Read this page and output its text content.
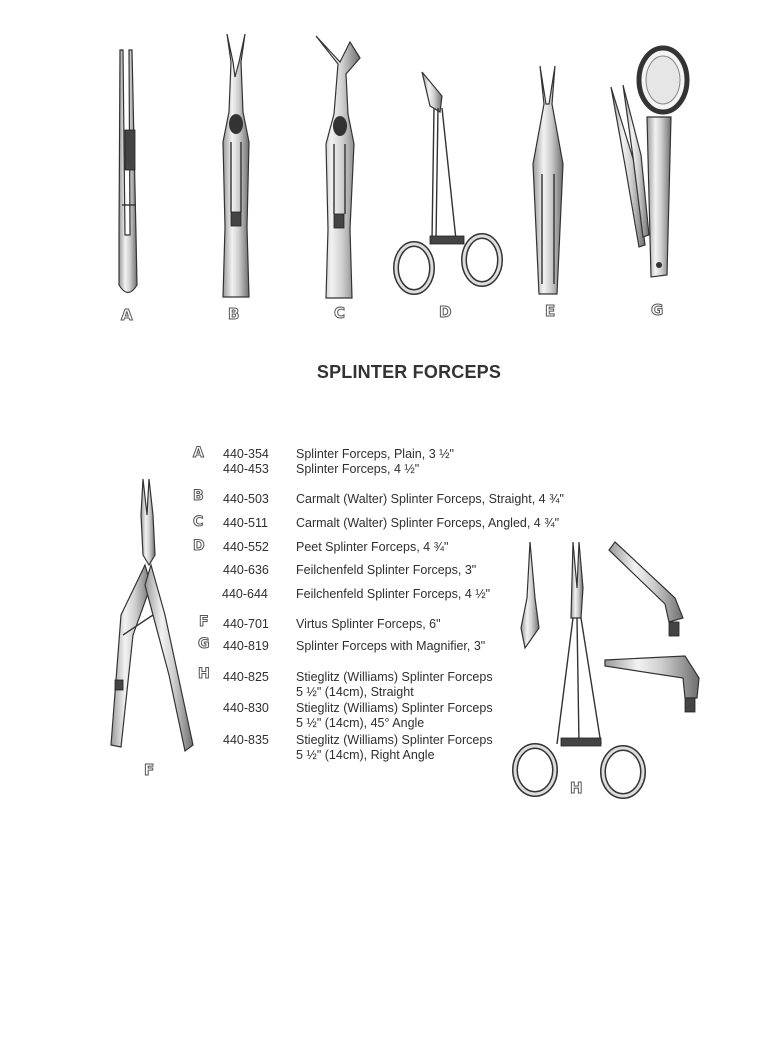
A	B	C	D	E	G
SPLINTER FORCEPS
F
H
A 440-354 Splinter Forceps, Plain, 3 ½"
440-453 Splinter Forceps, 4 ½"
B 440-503 Carmalt (Walter) Splinter Forceps, Straight, 4 ¾"
C 440-511 Carmalt (Walter) Splinter Forceps, Angled, 4 ¾"
D 440-552 Peet Splinter Forceps, 4 ¾"
440-636 Feilchenfeld Splinter Forceps, 3"
440-644 Feilchenfeld Splinter Forceps, 4 ½"
F 440-701 Virtus Splinter Forceps, 6"
G 440-819 Splinter Forceps with Magnifier, 3"
H 440-825 Stieglitz (Williams) Splinter Forceps
5 ½" (14cm), Straight
440-830 Stieglitz (Williams) Splinter Forceps
5 ½" (14cm), 45° Angle
440-835 Stieglitz (Williams) Splinter Forceps
5 ½" (14cm), Right Angle
